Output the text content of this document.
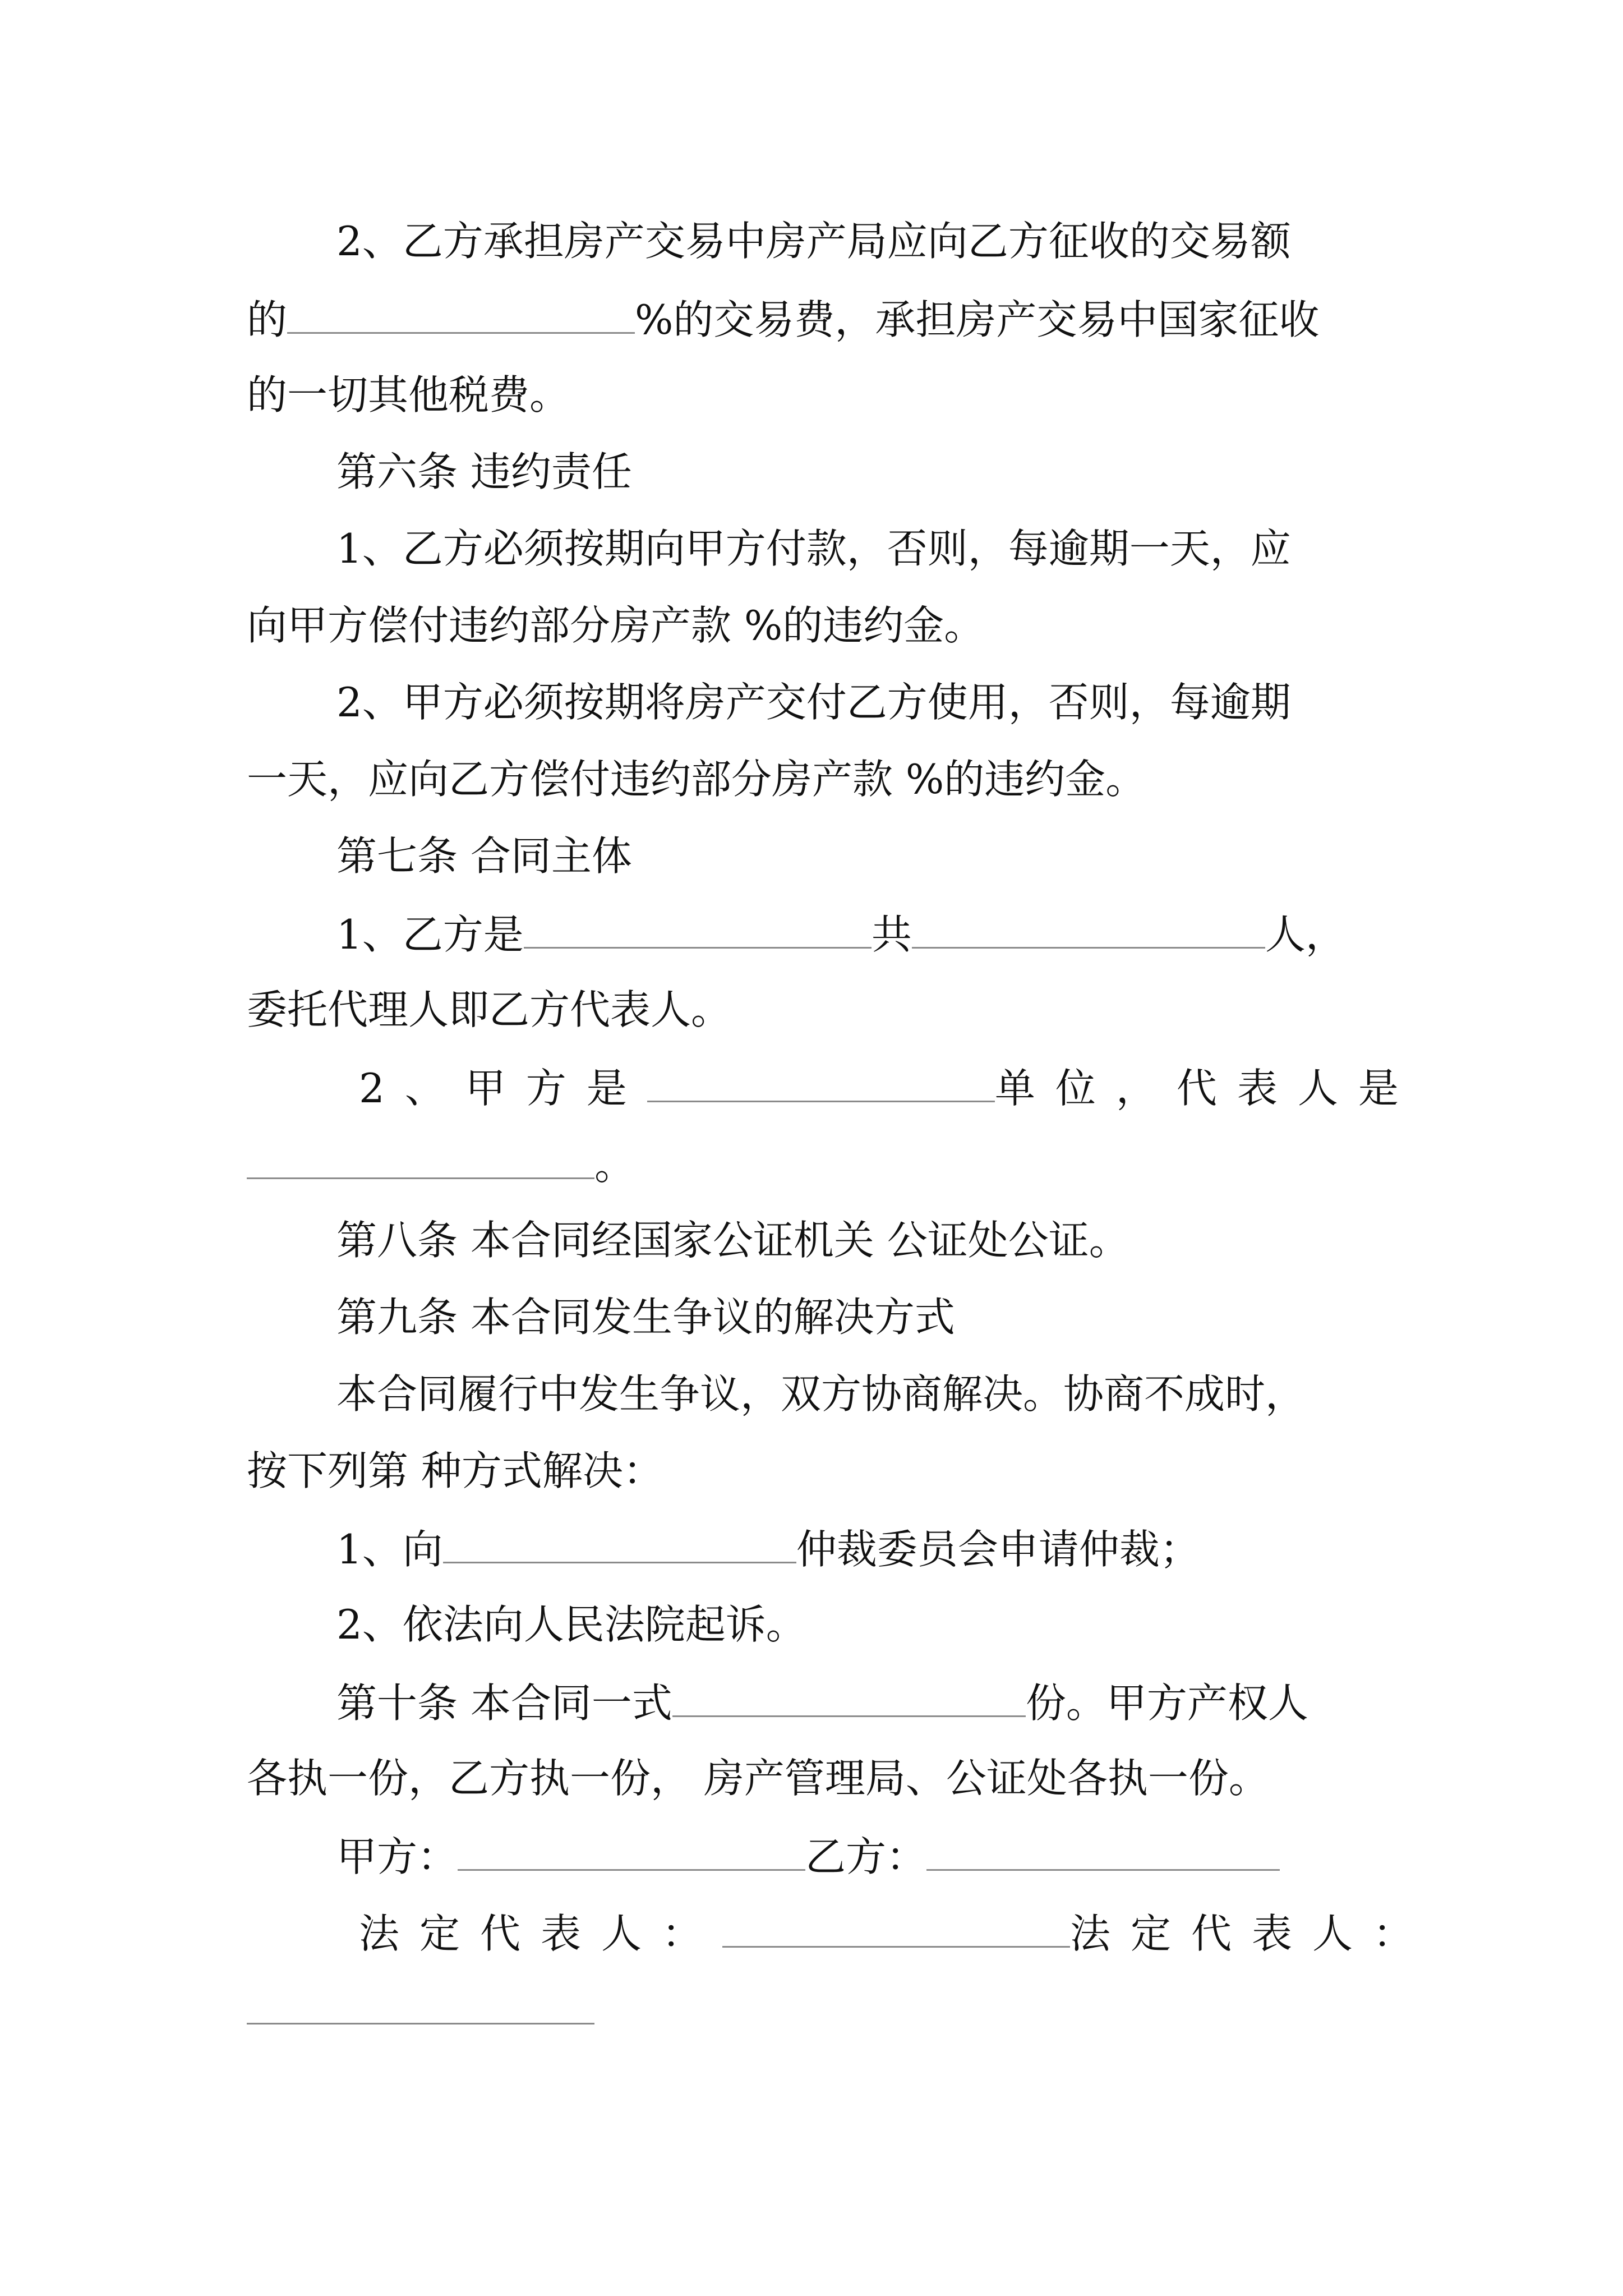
2、乙方承担房产交易中房产局应向乙方征收的交易额
的	%的交易费，承担房产交易中国家征收
的一切其他税费。
第六条 违约责任
1、乙方必须按期向甲方付款，否则，每逾期一天，应
向甲方偿付违约部分房产款 %的违约金。
2、甲方必须按期将房产交付乙方使用，否则，每逾期
一天，应向乙方偿付违约部分房产款 %的违约金。
第七条 合同主体
1、乙方是	共	人，
委托代理人即乙方代表人。
2、甲方是	单位，代表人是
。
第八条 本合同经国家公证机关 公证处公证。
第九条 本合同发生争议的解决方式
本合同履行中发生争议，双方协商解决。协商不成时，
按下列第 种方式解决：
1、向	仲裁委员会申请仲裁；
2、依法向人民法院起诉。
第十条 本合同一式	份。甲方产权人
各执一份，乙方执一份， 房产管理局、公证处各执一份。
甲方：	乙方：
法定代表人：	法定代表人：
